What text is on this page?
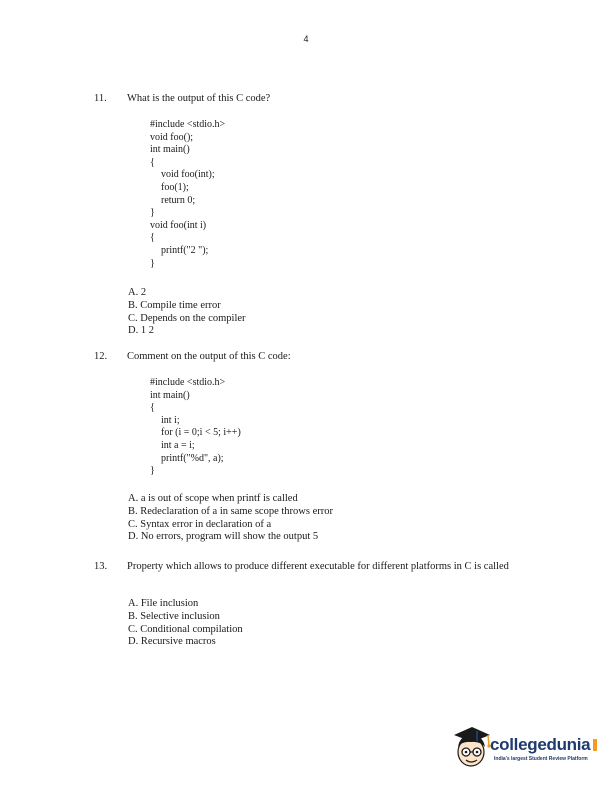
4
11. What is the output of this C code?
#include <stdio.h>
void foo();
int main()
{
void foo(int);
foo(1);
return 0;
}
void foo(int i)
{
printf("2 ");
}
A. 2
B. Compile time error
C. Depends on the compiler
D. 1 2
12. Comment on the output of this C code:
#include <stdio.h>
int main()
{
int i;
for (i = 0;i < 5; i++)
int a = i;
printf("%d", a);
}
A. a is out of scope when printf is called
B. Redeclaration of a in same scope throws error
C. Syntax error in declaration of a
D. No errors, program will show the output 5
13. Property which allows to produce different executable for different platforms in C is called
A. File inclusion
B. Selective inclusion
C. Conditional compilation
D. Recursive macros
collegedunia
India's largest Student Review Platform
